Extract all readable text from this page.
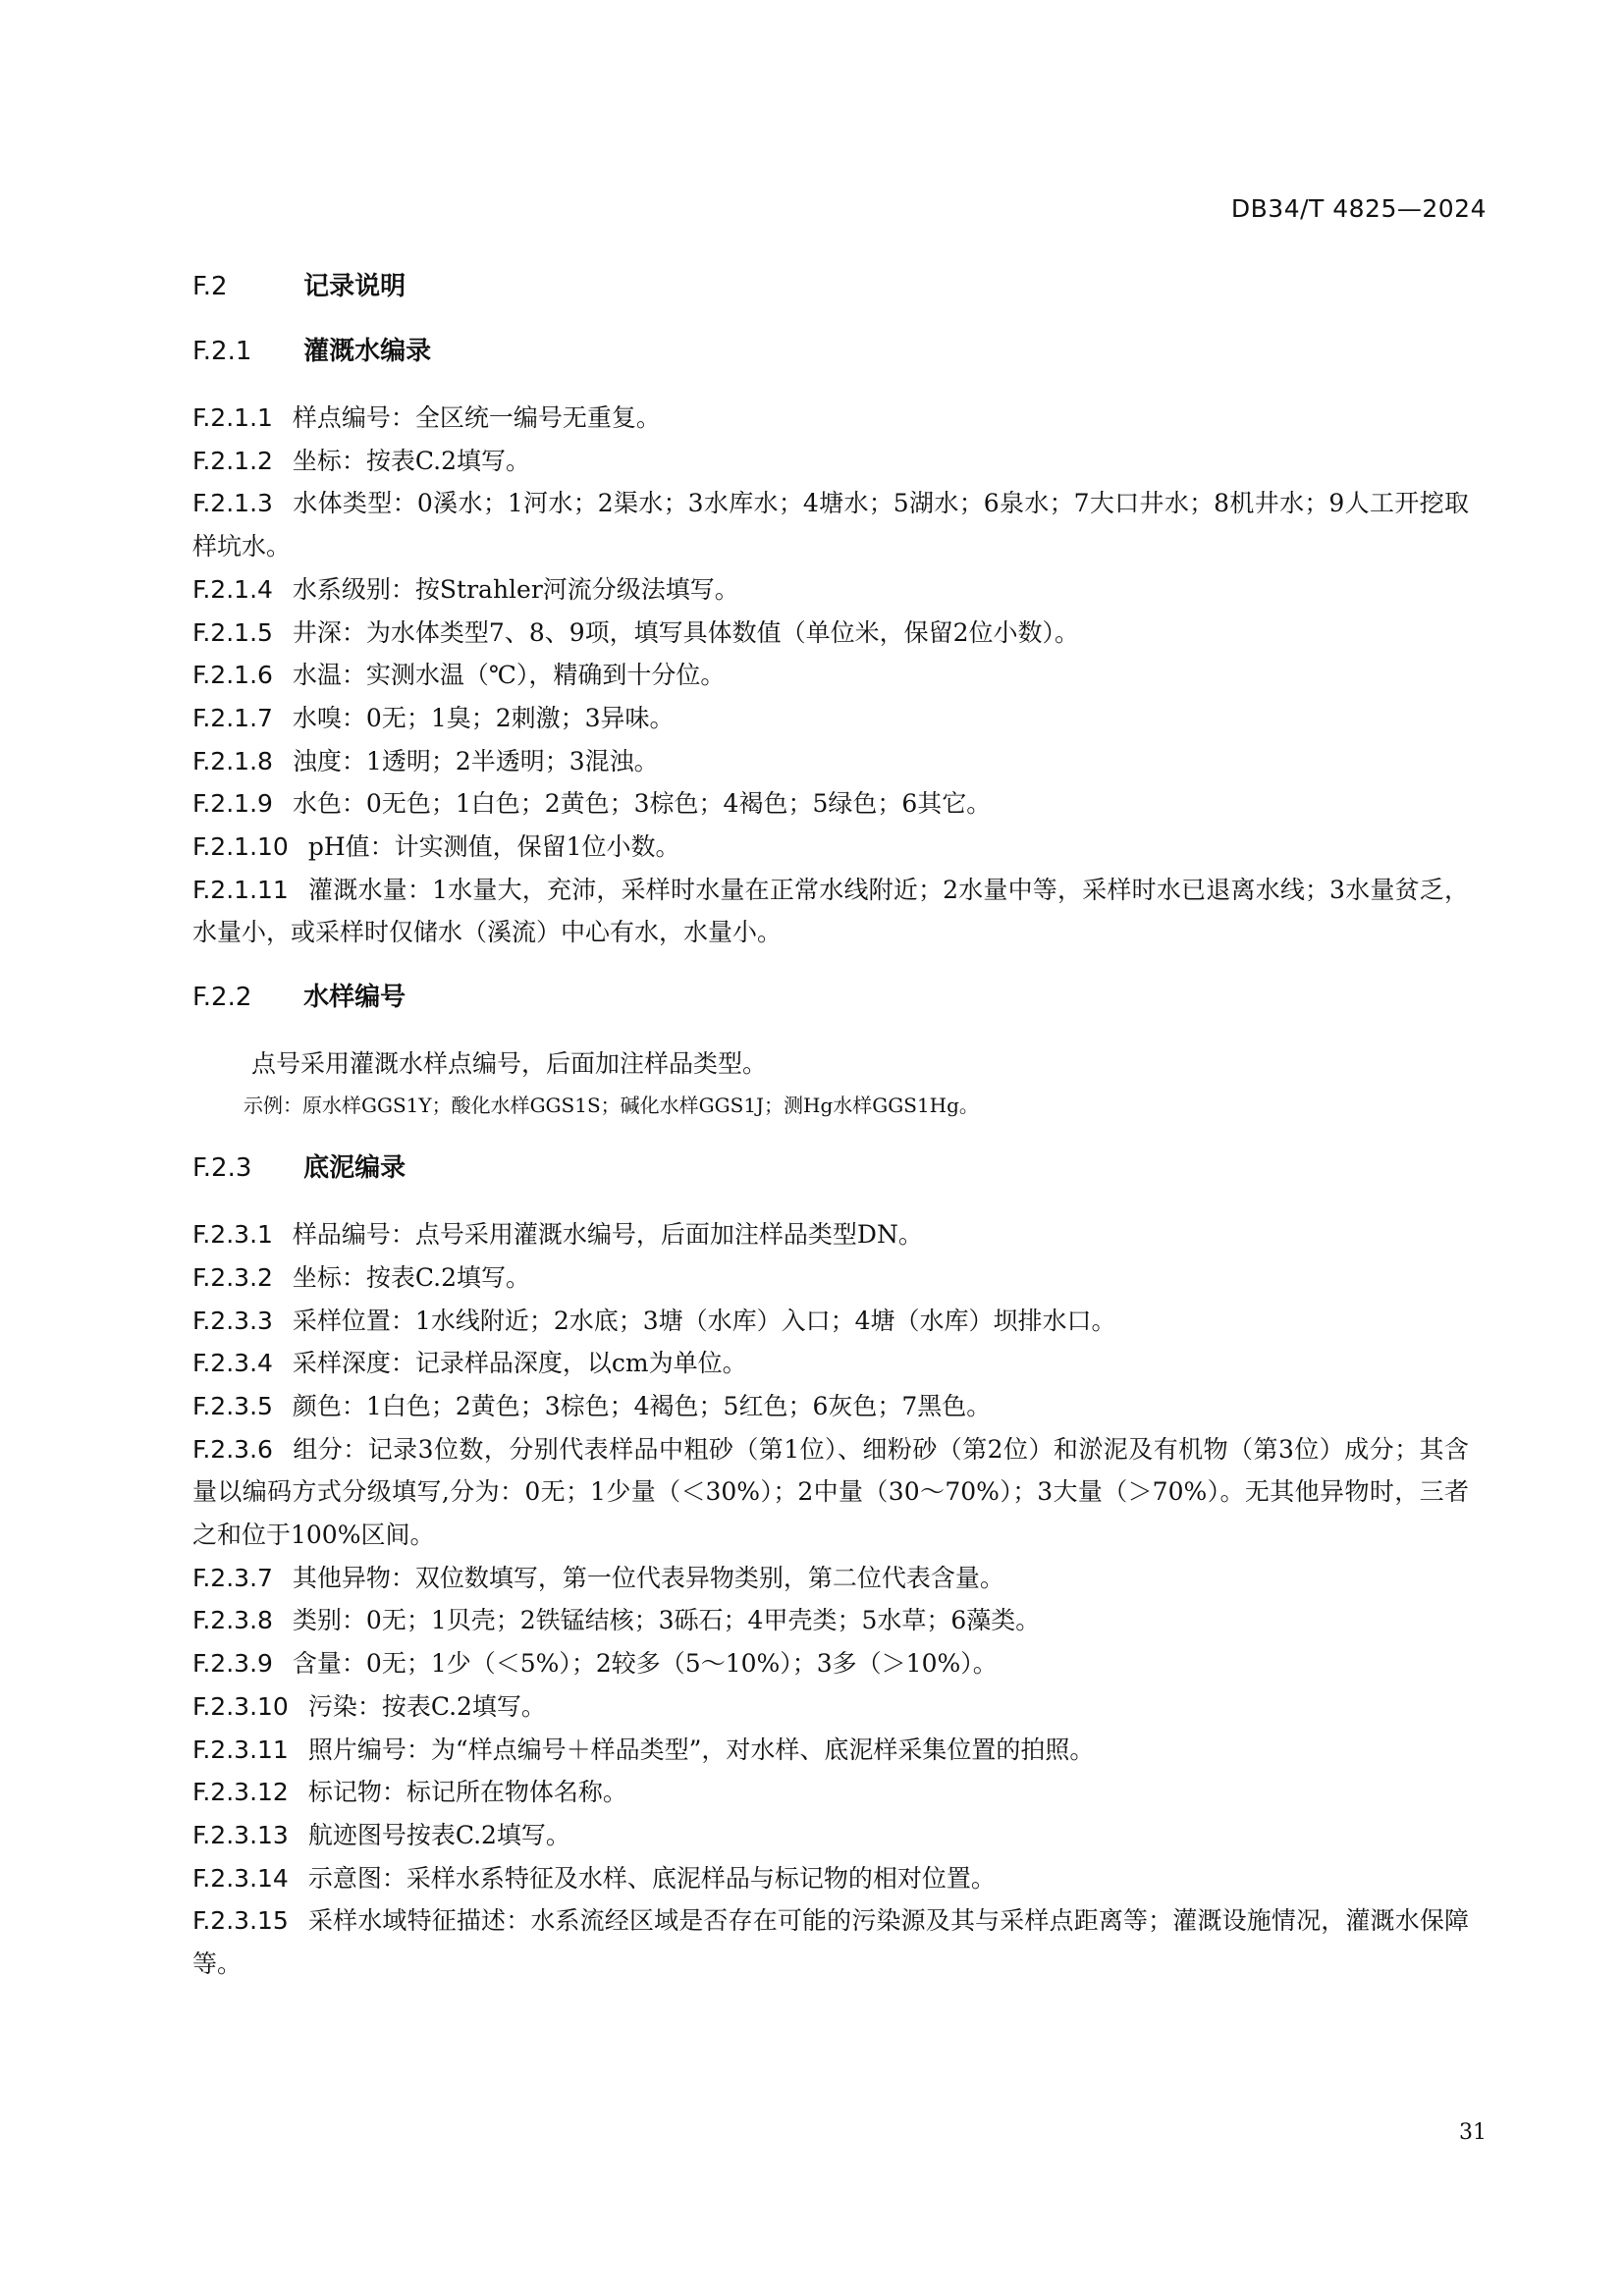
DB34/T 4825—2024
F.2	记录说明
F.2.1 灌溉水编录
F.2.1.1 样点编号：全区统一编号无重复。
F.2.1.2 坐标：按表C.2填写。
F.2.1.3 水体类型：0溪水；1河水；2渠水；3水库水；4塘水；5湖水；6泉水；7大口井水；8机井水；9人工开挖取样坑水。
F.2.1.4 水系级别：按Strahler河流分级法填写。
F.2.1.5 井深：为水体类型7、8、9项，填写具体数值（单位米，保留2位小数）。
F.2.1.6 水温：实测水温（℃），精确到十分位。
F.2.1.7 水嗅：0无；1臭；2刺激；3异味。
F.2.1.8 浊度：1透明；2半透明；3混浊。
F.2.1.9 水色：0无色；1白色；2黄色；3棕色；4褐色；5绿色；6其它。
F.2.1.10 pH值：计实测值，保留1位小数。
F.2.1.11 灌溉水量：1水量大，充沛，采样时水量在正常水线附近；2水量中等，采样时水已退离水线；3水量贫乏，水量小，或采样时仅储水（溪流）中心有水，水量小。
F.2.2 水样编号
点号采用灌溉水样点编号，后面加注样品类型。
示例：原水样GGS1Y；酸化水样GGS1S；碱化水样GGS1J；测Hg水样GGS1Hg。
F.2.3 底泥编录
F.2.3.1 样品编号：点号采用灌溉水编号，后面加注样品类型DN。
F.2.3.2 坐标：按表C.2填写。
F.2.3.3 采样位置：1水线附近；2水底；3塘（水库）入口；4塘（水库）坝排水口。
F.2.3.4 采样深度：记录样品深度，以cm为单位。
F.2.3.5 颜色：1白色；2黄色；3棕色；4褐色；5红色；6灰色；7黑色。
F.2.3.6 组分：记录3位数，分别代表样品中粗砂（第1位）、细粉砂（第2位）和淤泥及有机物（第3位）成分；其含量以编码方式分级填写,分为：0无；1少量（＜30%）；2中量（30～70%）；3大量（＞70%）。无其他异物时，三者之和位于100%区间。
F.2.3.7 其他异物：双位数填写，第一位代表异物类别，第二位代表含量。
F.2.3.8 类别：0无；1贝壳；2铁锰结核；3砾石；4甲壳类；5水草；6藻类。
F.2.3.9 含量：0无；1少（＜5%）；2较多（5～10%）；3多（＞10%）。
F.2.3.10 污染：按表C.2填写。
F.2.3.11 照片编号：为“样点编号＋样品类型”，对水样、底泥样采集位置的拍照。
F.2.3.12 标记物：标记所在物体名称。
F.2.3.13 航迹图号按表C.2填写。
F.2.3.14 示意图：采样水系特征及水样、底泥样品与标记物的相对位置。
F.2.3.15 采样水域特征描述：水系流经区域是否存在可能的污染源及其与采样点距离等；灌溉设施情况，灌溉水保障等。
31
